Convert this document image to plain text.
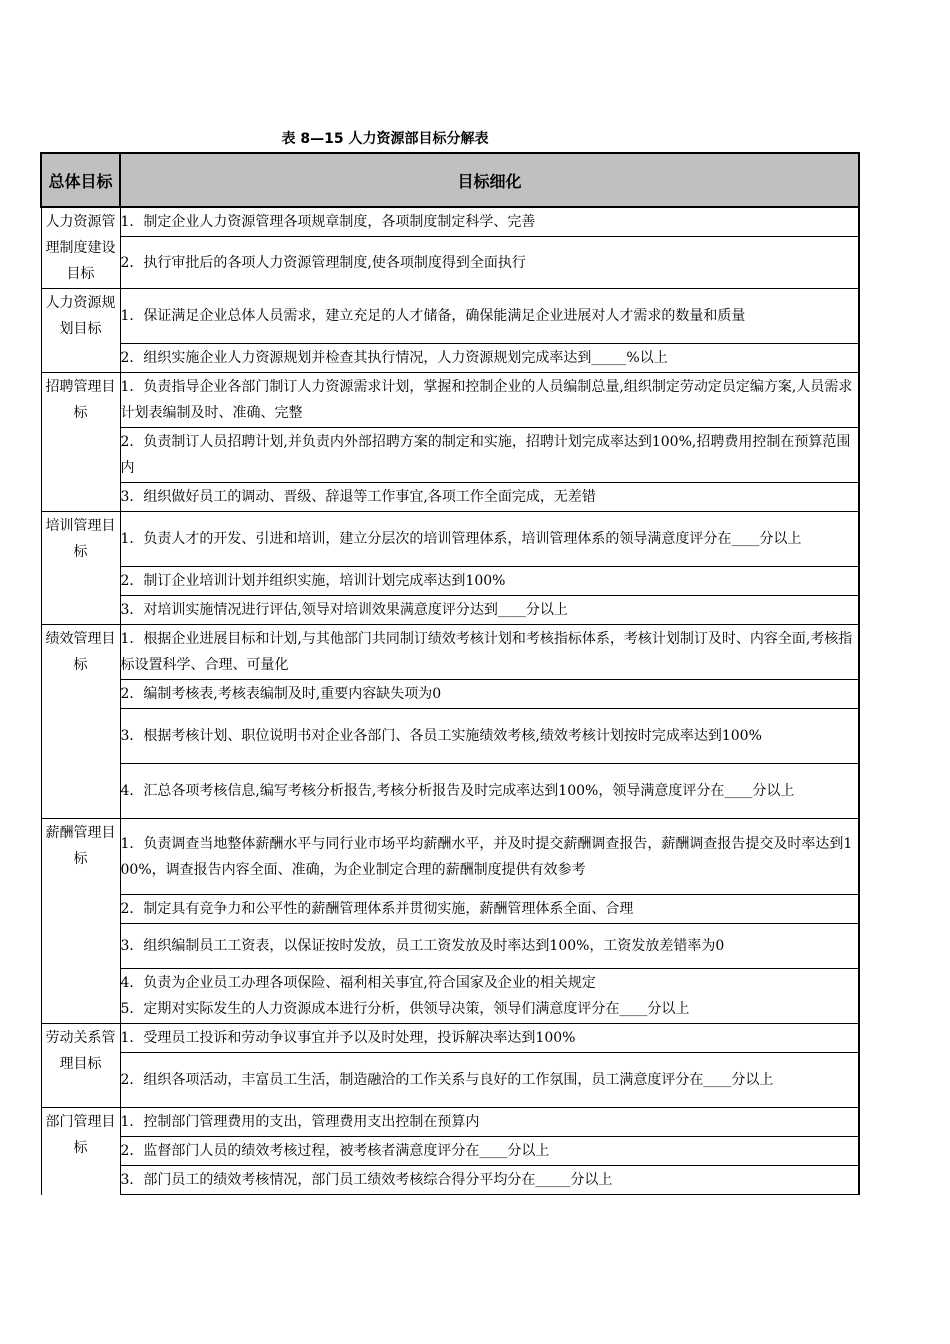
表 8—15 人力资源部目标分解表
总体目标	目标细化
人力资源管理制度建设目标	1．制定企业人力资源管理各项规章制度，各项制度制定科学、完善
	2．执行审批后的各项人力资源管理制度,使各项制度得到全面执行
人力资源规划目标	1．保证满足企业总体人员需求，建立充足的人才储备，确保能满足企业进展对人才需求的数量和质量
	2．组织实施企业人力资源规划并检查其执行情况，人力资源规划完成率达到_____%以上
招聘管理目标	1．负责指导企业各部门制订人力资源需求计划，掌握和控制企业的人员编制总量,组织制定劳动定员定编方案,人员需求计划表编制及时、准确、完整
	2．负责制订人员招聘计划,并负责内外部招聘方案的制定和实施，招聘计划完成率达到100%,招聘费用控制在预算范围内
	3．组织做好员工的调动、晋级、辞退等工作事宜,各项工作全面完成，无差错
培训管理目标	1．负责人才的开发、引进和培训，建立分层次的培训管理体系，培训管理体系的领导满意度评分在____分以上
	2．制订企业培训计划并组织实施，培训计划完成率达到100%
	3．对培训实施情况进行评估,领导对培训效果满意度评分达到____分以上
绩效管理目标	1．根据企业进展目标和计划,与其他部门共同制订绩效考核计划和考核指标体系，考核计划制订及时、内容全面,考核指标设置科学、合理、可量化
	2．编制考核表,考核表编制及时,重要内容缺失项为0
	3．根据考核计划、职位说明书对企业各部门、各员工实施绩效考核,绩效考核计划按时完成率达到100%
	4．汇总各项考核信息,编写考核分析报告,考核分析报告及时完成率达到100%，领导满意度评分在____分以上
薪酬管理目标	1．负责调查当地整体薪酬水平与同行业市场平均薪酬水平，并及时提交薪酬调查报告，薪酬调查报告提交及时率达到100%，调查报告内容全面、准确，为企业制定合理的薪酬制度提供有效参考
	2．制定具有竞争力和公平性的薪酬管理体系并贯彻实施，薪酬管理体系全面、合理
	3．组织编制员工工资表，以保证按时发放，员工工资发放及时率达到100%，工资发放差错率为0

	4．负责为企业员工办理各项保险、福利相关事宜,符合国家及企业的相关规定
5．定期对实际发生的人力资源成本进行分析，供领导决策，领导们满意度评分在____分以上

劳动关系管理目标	1．受理员工投诉和劳动争议事宜并予以及时处理，投诉解决率达到100%
	2．组织各项活动，丰富员工生活，制造融洽的工作关系与良好的工作氛围，员工满意度评分在____分以上
部门管理目标	1．控制部门管理费用的支出，管理费用支出控制在预算内
	2．监督部门人员的绩效考核过程，被考核者满意度评分在____分以上
	3．部门员工的绩效考核情况，部门员工绩效考核综合得分平均分在_____分以上
